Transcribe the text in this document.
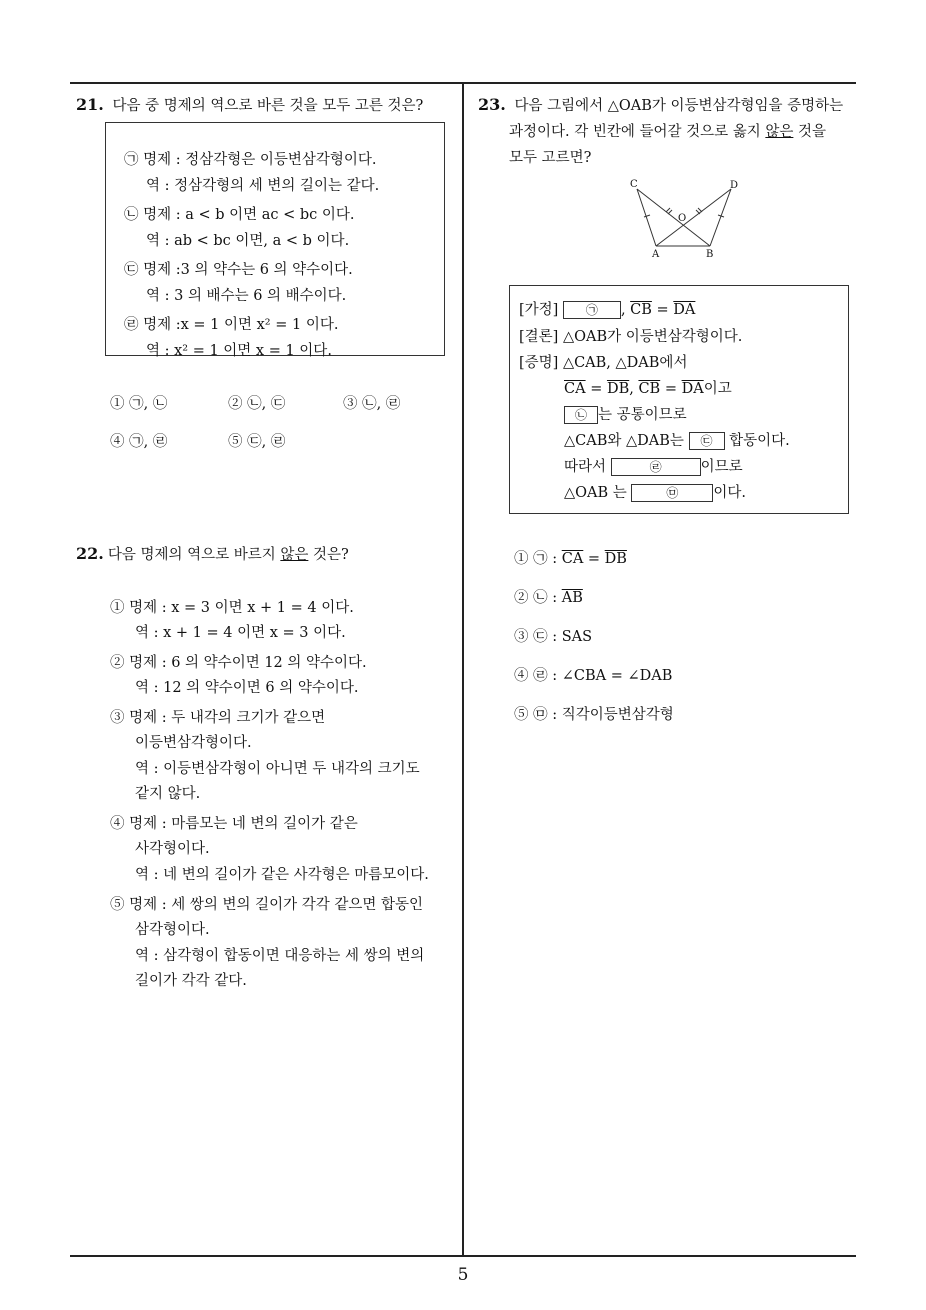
21. 다음 중 명제의 역으로 바른 것을 모두 고른 것은?
㉠ 명제 : 정삼각형은 이등변삼각형이다.
역 : 정삼각형의 세 변의 길이는 같다.
㉡ 명제 : a < b 이면 ac < bc 이다.
역 : ab < bc 이면, a < b 이다.
㉢ 명제 :3 의 약수는 6 의 약수이다.
역 : 3 의 배수는 6 의 배수이다.
㉣ 명제 :x = 1 이면 x² = 1 이다.
역 : x² = 1 이면 x = 1 이다.
① ㉠, ㉡	② ㉡, ㉢	③ ㉡, ㉣
④ ㉠, ㉣	⑤ ㉢, ㉣
22. 다음 명제의 역으로 바르지 않은 것은?
① 명제 : x = 3 이면 x + 1 = 4 이다.
역 : x + 1 = 4 이면 x = 3 이다.
② 명제 : 6 의 약수이면 12 의 약수이다.
역 : 12 의 약수이면 6 의 약수이다.
③ 명제 : 두 내각의 크기가 같으면
이등변삼각형이다.
역 : 이등변삼각형이 아니면 두 내각의 크기도
같지 않다.
④ 명제 : 마름모는 네 변의 길이가 같은
사각형이다.
역 : 네 변의 길이가 같은 사각형은 마름모이다.
⑤ 명제 : 세 쌍의 변의 길이가 각각 같으면 합동인
삼각형이다.
역 : 삼각형이 합동이면 대응하는 세 쌍의 변의
길이가 각각 같다.
23. 다음 그림에서 △OAB가 이등변삼각형임을 증명하는
과정이다. 각 빈칸에 들어갈 것으로 옳지 않은 것을
모두 고르면?
C	D
O
A	B
[가정] ㉠ , $\overline{CB} = \overline{DA}$
[결론] △OAB가 이등변삼각형이다.
[증명] △CAB, △DAB에서
$\overline{CA} = \overline{DB}$, $\overline{CB} = \overline{DA}$이고
㉡ 는 공통이므로
△CAB와 △DAB는 ㉢ 합동이다.
따라서	㉣	이므로
△OAB 는	㉤ 이다.
① ㉠ : $\overline{CA} = \overline{DB}$
② ㉡ : $\overline{AB}$
③ ㉢ : SAS
④ ㉣ : ∠CBA = ∠DAB
⑤ ㉤ : 직각이등변삼각형
5
